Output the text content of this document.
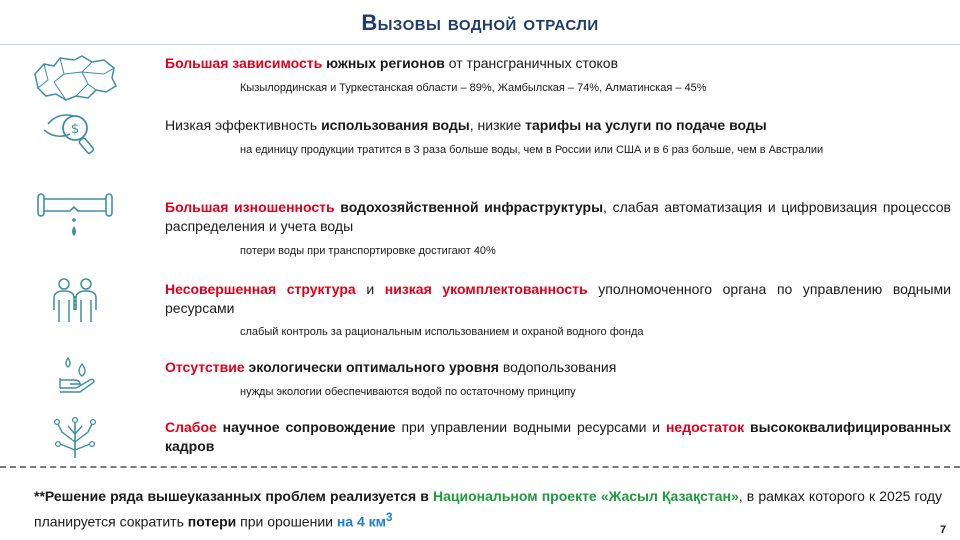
Вызовы водной отрасли
Большая зависимость южных регионов от трансграничных стоков
Кызылординская и Туркестанская области – 89%, Жамбылская – 74%, Алматинская – 45%
$	Низкая эффективность использования воды, низкие тарифы на услуги по подаче воды
на единицу продукции тратится в 3 раза больше воды, чем в России или США и в 6 раз больше, чем в Австралии
Большая изношенность водохозяйственной инфраструктуры, слабая автоматизация и цифровизация процессов распределения и учета воды
потери воды при транспортировке достигают 40%
Несовершенная структура и низкая укомплектованность уполномоченного органа по управлению водными ресурсами
слабый контроль за рациональным использованием и охраной водного фонда
Отсутствие экологически оптимального уровня водопользования
нужды экологии обеспечиваются водой по остаточному принципу
Слабое научное сопровождение при управлении водными ресурсами и недостаток высококвалифицированных кадров
**Решение ряда вышеуказанных проблем реализуется в Национальном проекте «Жасыл Қазақстан», в рамках которого к 2025 году планируется сократить потери при орошении на 4 $км^3$
7
